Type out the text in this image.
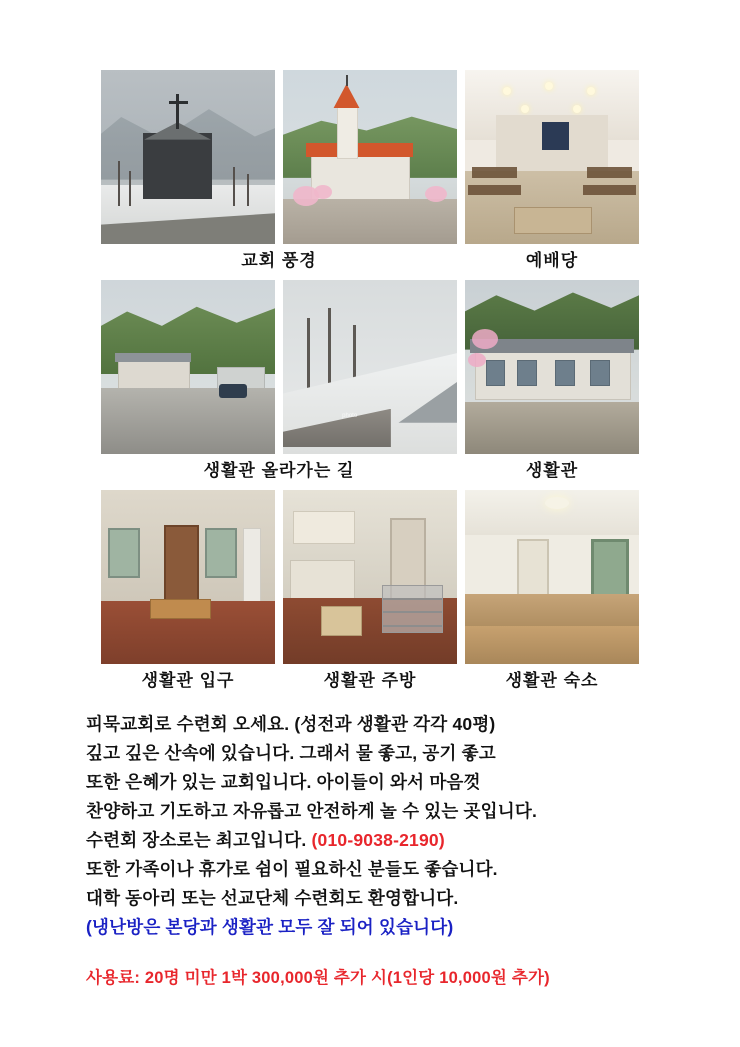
교회 풍경	예배당
photo
생활관 올라가는 길	생활관
생활관 입구	생활관 주방	생활관 숙소
피묵교회로 수련회 오세요. (성전과 생활관 각각 40평)
깊고 깊은 산속에 있습니다. 그래서 물 좋고, 공기 좋고
또한 은혜가 있는 교회입니다. 아이들이 와서 마음껏
찬양하고 기도하고 자유롭고 안전하게 놀 수 있는 곳입니다.
수련회 장소로는 최고입니다. (010-9038-2190)
또한 가족이나 휴가로 쉼이 필요하신 분들도 좋습니다.
대학 동아리 또는 선교단체 수련회도 환영합니다.
(냉난방은 본당과 생활관 모두 잘 되어 있습니다)
사용료: 20명 미만 1박 300,000원 추가 시(1인당 10,000원 추가)
